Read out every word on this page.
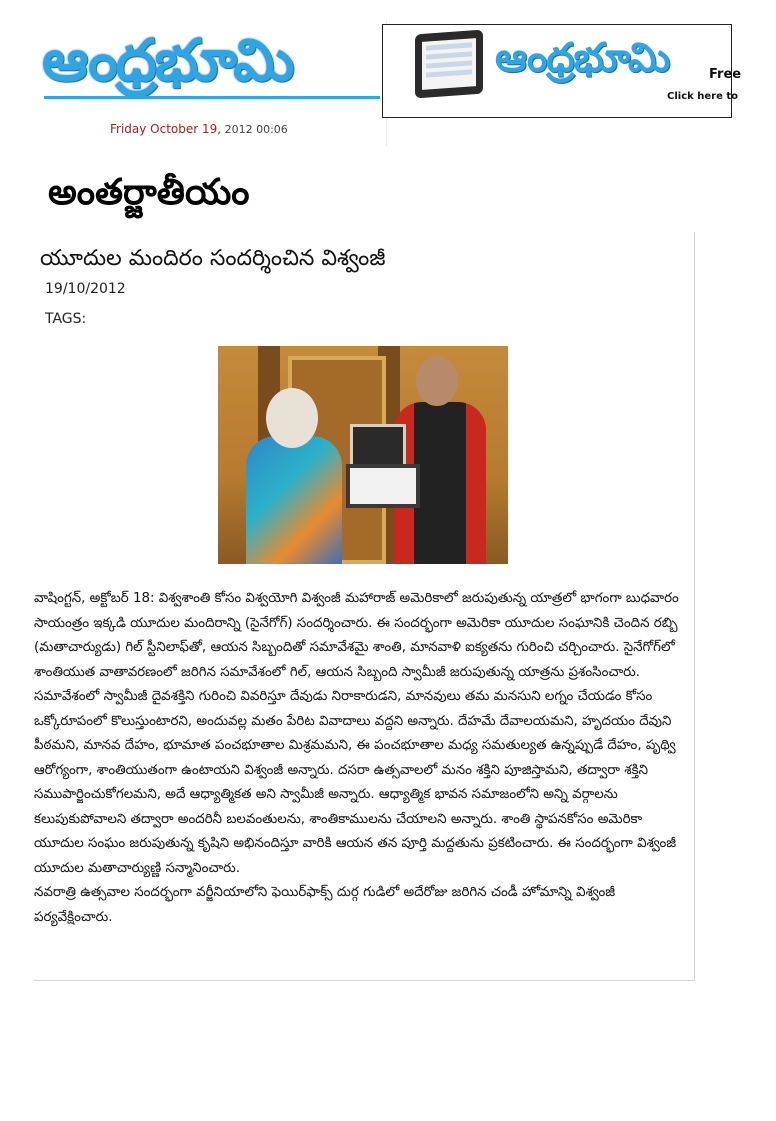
ఆంధ్రభూమి
Friday October 19, 2012 00:06
ఆంధ్రభూమి	Free
Click here to
అంతర్జాతీయం
యూదుల మందిరం సందర్శించిన విశ్వంజీ
19/10/2012
TAGS:

వాషింగ్టన్, అక్టోబర్ 18: విశ్వశాంతి కోసం విశ్వయోగి విశ్వంజీ మహారాజ్ అమెరికాలో జరుపుతున్న యాత్రలో భాగంగా బుధవారం సాయంత్రం ఇక్కడి యూదుల మందిరాన్ని (సైనేగోగ్) సందర్శించారు. ఈ సందర్భంగా అమెరికా యూదుల సంఘానికి చెందిన రబ్బి (మతాచార్యుడు) గిల్ స్టీనిలాఫ్‌తో, ఆయన సిబ్బందితో సమావేశమై శాంతి, మానవాళి ఐక్యతను గురించి చర్చించారు. సైనేగోగ్‌లో శాంతియుత వాతావరణంలో జరిగిన సమావేశంలో గిల్, ఆయన సిబ్బంది స్వామీజీ జరుపుతున్న యాత్రను ప్రశంసించారు. సమావేశంలో స్వామీజీ దైవశక్తిని గురించి వివరిస్తూ దేవుడు నిరాకారుడని, మానవులు తమ మనసుని లగ్నం చేయడం కోసం ఒక్కోరూపంలో కొలుస్తుంటారని, అందువల్ల మతం పేరిట వివాదాలు వద్దని అన్నారు. దేహమే దేవాలయమని, హృదయం దేవుని పీఠమని, మానవ దేహం, భూమాత పంచభూతాల మిశ్రమమని, ఈ పంచభూతాల మధ్య సమతుల్యత ఉన్నప్పుడే దేహం, పృథ్వి ఆరోగ్యంగా, శాంతియుతంగా ఉంటాయని విశ్వంజీ అన్నారు. దసరా ఉత్సవాలలో మనం శక్తిని పూజిస్తామని, తద్వారా శక్తిని సముపార్జించుకోగలమని, అదే ఆధ్యాత్మికత అని స్వామీజీ అన్నారు. ఆధ్యాత్మిక భావన సమాజంలోని అన్ని వర్గాలను కలుపుకుపోవాలని తద్వారా అందరినీ బలవంతులను, శాంతికాములను చేయాలని అన్నారు. శాంతి స్థాపనకోసం అమెరికా యూదుల సంఘం జరుపుతున్న కృషిని అభినందిస్తూ వారికి ఆయన తన పూర్తి మద్దతును ప్రకటించారు. ఈ సందర్భంగా విశ్వంజీ యూదుల మతాచార్యుణ్ణి సన్మానించారు.

నవరాత్రి ఉత్సవాల సందర్భంగా వర్జీనియాలోని ఫెయిర్‌ఫాక్స్ దుర్గ గుడిలో అదేరోజు జరిగిన చండీ హోమాన్ని విశ్వంజీ పర్యవేక్షించారు.
